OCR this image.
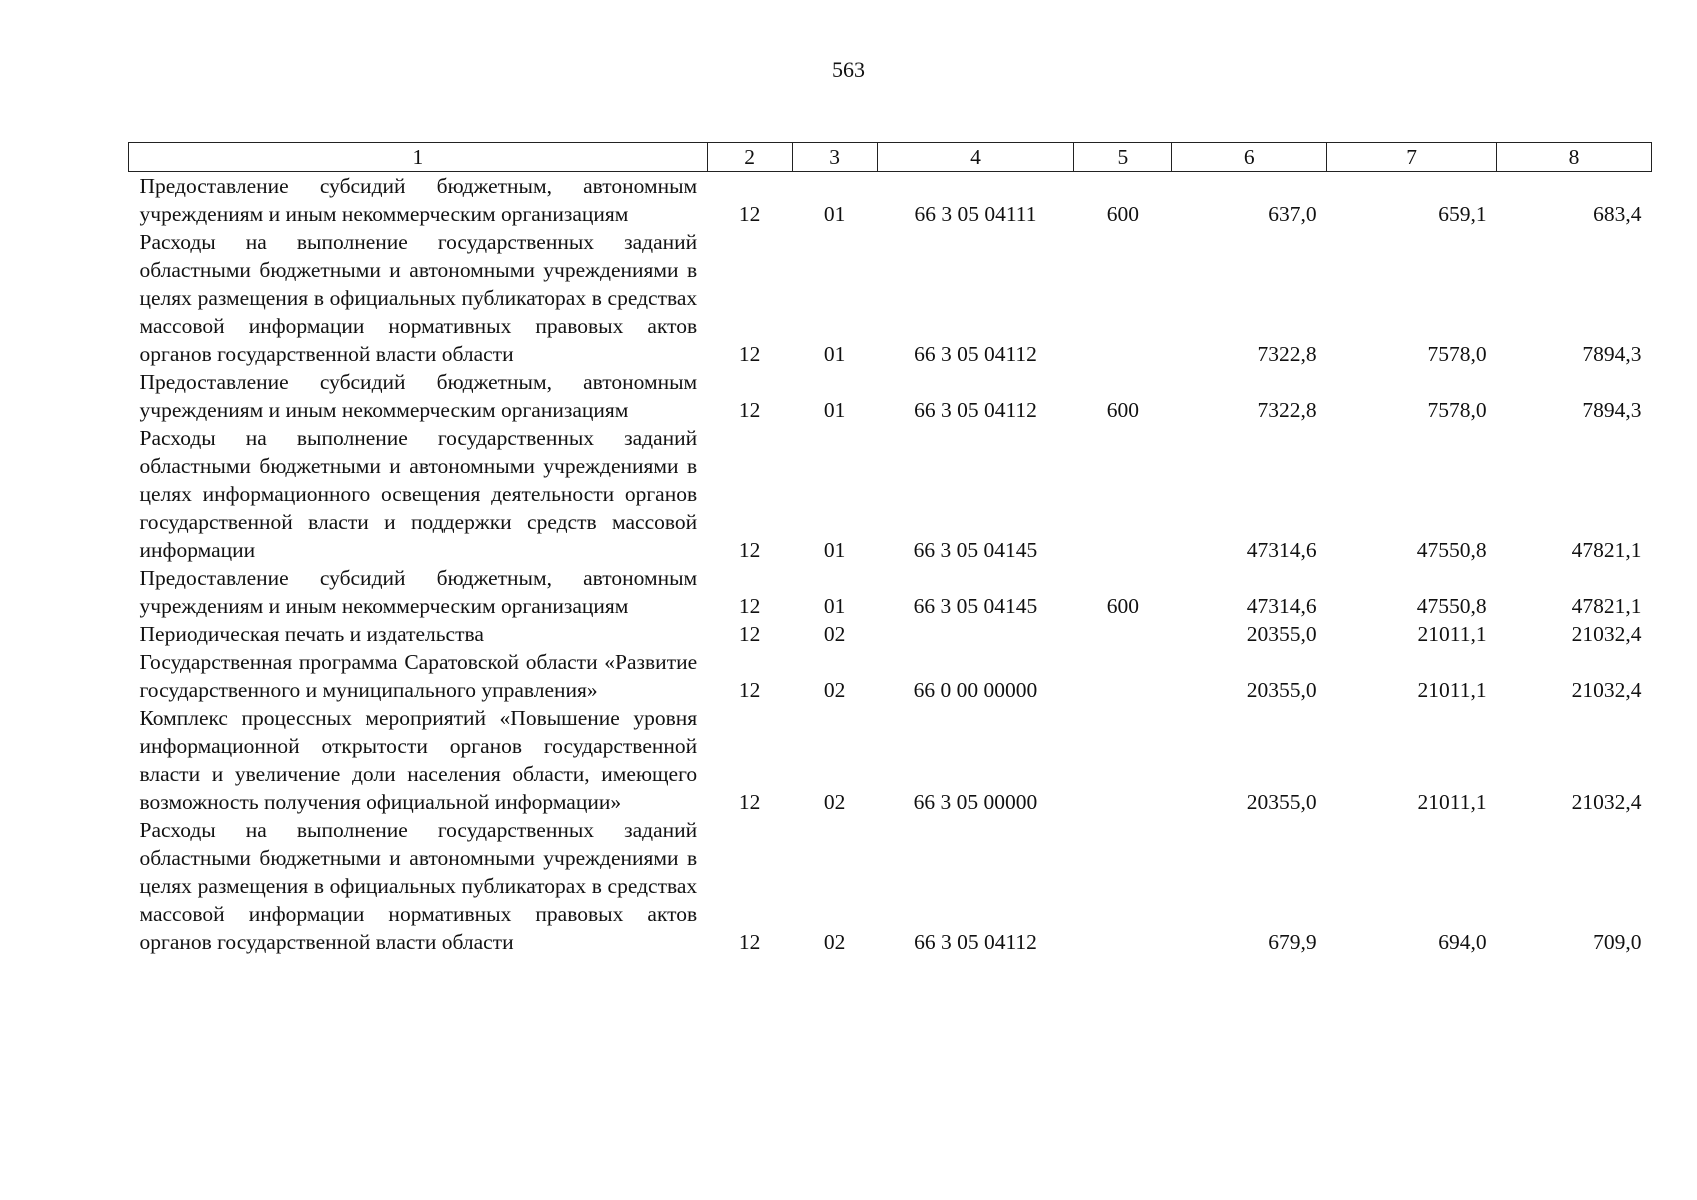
563
1	2	3	4	5	6	7	8
Предоставление субсидий бюджетным, автономным учреждениям и иным некоммерческим организациям	12	01	66 3 05 04111	600	637,0	659,1	683,4
Расходы на выполнение государственных заданий областными бюджетными и автономными учреждениями в целях размещения в официальных публикаторах в средствах массовой информации нормативных правовых актов органов государственной власти области	12	01	66 3 05 04112		7322,8	7578,0	7894,3
Предоставление субсидий бюджетным, автономным учреждениям и иным некоммерческим организациям	12	01	66 3 05 04112	600	7322,8	7578,0	7894,3
Расходы на выполнение государственных заданий областными бюджетными и автономными учреждениями в целях информационного освещения деятельности органов государственной власти и поддержки средств массовой информации	12	01	66 3 05 04145		47314,6	47550,8	47821,1
Предоставление субсидий бюджетным, автономным учреждениям и иным некоммерческим организациям	12	01	66 3 05 04145	600	47314,6	47550,8	47821,1
Периодическая печать и издательства	12	02			20355,0	21011,1	21032,4
Государственная программа Саратовской области «Развитие государственного и муниципального управления»	12	02	66 0 00 00000		20355,0	21011,1	21032,4
Комплекс процессных мероприятий «Повышение уровня информационной открытости органов государственной власти и увеличение доли населения области, имеющего возможность получения официальной информации»	12	02	66 3 05 00000		20355,0	21011,1	21032,4
Расходы на выполнение государственных заданий областными бюджетными и автономными учреждениями в целях размещения в официальных публикаторах в средствах массовой информации нормативных правовых актов органов государственной власти области	12	02	66 3 05 04112		679,9	694,0	709,0
